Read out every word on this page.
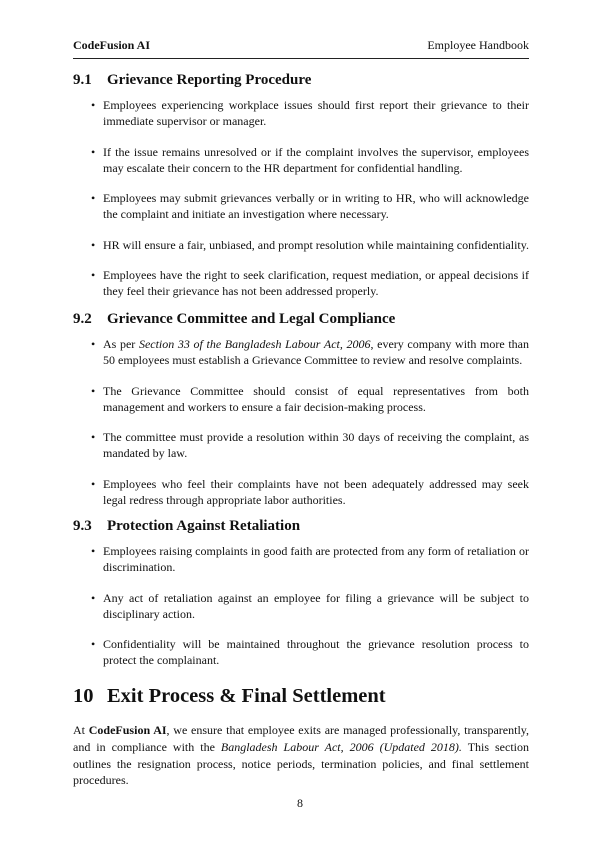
CodeFusion AI	Employee Handbook
9.1 Grievance Reporting Procedure
• Employees experiencing workplace issues should first report their grievance to their immediate supervisor or manager.
• If the issue remains unresolved or if the complaint involves the supervisor, employees may escalate their concern to the HR department for confidential handling.
• Employees may submit grievances verbally or in writing to HR, who will acknowledge the complaint and initiate an investigation where necessary.
• HR will ensure a fair, unbiased, and prompt resolution while maintaining confidentiality.
• Employees have the right to seek clarification, request mediation, or appeal decisions if they feel their grievance has not been addressed properly.
9.2 Grievance Committee and Legal Compliance
• As per Section 33 of the Bangladesh Labour Act, 2006, every company with more than 50 employees must establish a Grievance Committee to review and resolve complaints.
• The Grievance Committee should consist of equal representatives from both management and workers to ensure a fair decision-making process.
• The committee must provide a resolution within 30 days of receiving the complaint, as mandated by law.
• Employees who feel their complaints have not been adequately addressed may seek legal redress through appropriate labor authorities.
9.3 Protection Against Retaliation
• Employees raising complaints in good faith are protected from any form of retaliation or discrimination.
• Any act of retaliation against an employee for filing a grievance will be subject to disciplinary action.
• Confidentiality will be maintained throughout the grievance resolution process to protect the complainant.
10 Exit Process & Final Settlement
At CodeFusion AI, we ensure that employee exits are managed professionally, transparently, and in compliance with the Bangladesh Labour Act, 2006 (Updated 2018). This section outlines the resignation process, notice periods, termination policies, and final settlement procedures.
8
